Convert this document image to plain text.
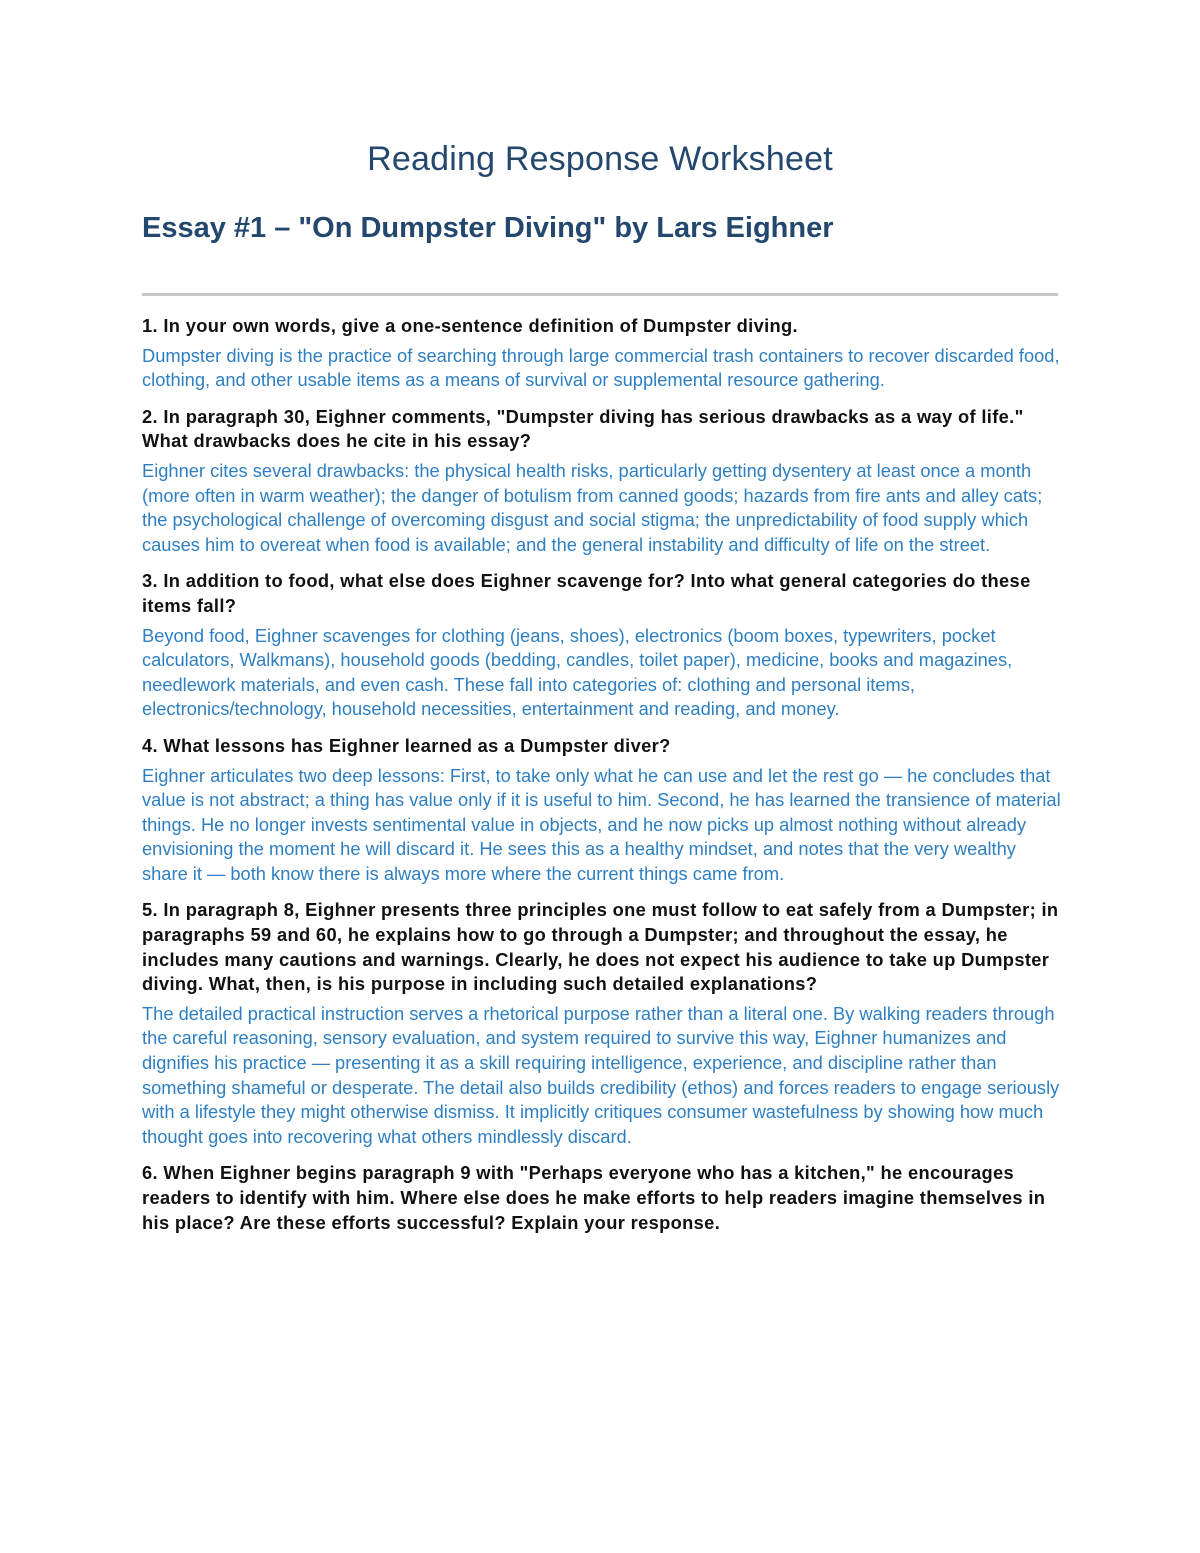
Reading Response Worksheet
Essay #1 – "On Dumpster Diving" by Lars Eighner

1. In your own words, give a one-sentence definition of Dumpster diving.

Dumpster diving is the practice of searching through large commercial trash containers to recover discarded food, clothing, and other usable items as a means of survival or supplemental resource gathering.

2. In paragraph 30, Eighner comments, "Dumpster diving has serious drawbacks as a way of life." What drawbacks does he cite in his essay?

Eighner cites several drawbacks: the physical health risks, particularly getting dysentery at least once a month (more often in warm weather); the danger of botulism from canned goods; hazards from fire ants and alley cats; the psychological challenge of overcoming disgust and social stigma; the unpredictability of food supply which causes him to overeat when food is available; and the general instability and difficulty of life on the street.

3. In addition to food, what else does Eighner scavenge for? Into what general categories do these items fall?

Beyond food, Eighner scavenges for clothing (jeans, shoes), electronics (boom boxes, typewriters, pocket calculators, Walkmans), household goods (bedding, candles, toilet paper), medicine, books and magazines, needlework materials, and even cash. These fall into categories of: clothing and personal items, electronics/technology, household necessities, entertainment and reading, and money.

4. What lessons has Eighner learned as a Dumpster diver?

Eighner articulates two deep lessons: First, to take only what he can use and let the rest go — he concludes that value is not abstract; a thing has value only if it is useful to him. Second, he has learned the transience of material things. He no longer invests sentimental value in objects, and he now picks up almost nothing without already envisioning the moment he will discard it. He sees this as a healthy mindset, and notes that the very wealthy share it — both know there is always more where the current things came from.

5. In paragraph 8, Eighner presents three principles one must follow to eat safely from a Dumpster; in paragraphs 59 and 60, he explains how to go through a Dumpster; and throughout the essay, he includes many cautions and warnings. Clearly, he does not expect his audience to take up Dumpster diving. What, then, is his purpose in including such detailed explanations?

The detailed practical instruction serves a rhetorical purpose rather than a literal one. By walking readers through the careful reasoning, sensory evaluation, and system required to survive this way, Eighner humanizes and dignifies his practice — presenting it as a skill requiring intelligence, experience, and discipline rather than something shameful or desperate. The detail also builds credibility (ethos) and forces readers to engage seriously with a lifestyle they might otherwise dismiss. It implicitly critiques consumer wastefulness by showing how much thought goes into recovering what others mindlessly discard.

6. When Eighner begins paragraph 9 with "Perhaps everyone who has a kitchen," he encourages readers to identify with him. Where else does he make efforts to help readers imagine themselves in his place? Are these efforts successful? Explain your response.
